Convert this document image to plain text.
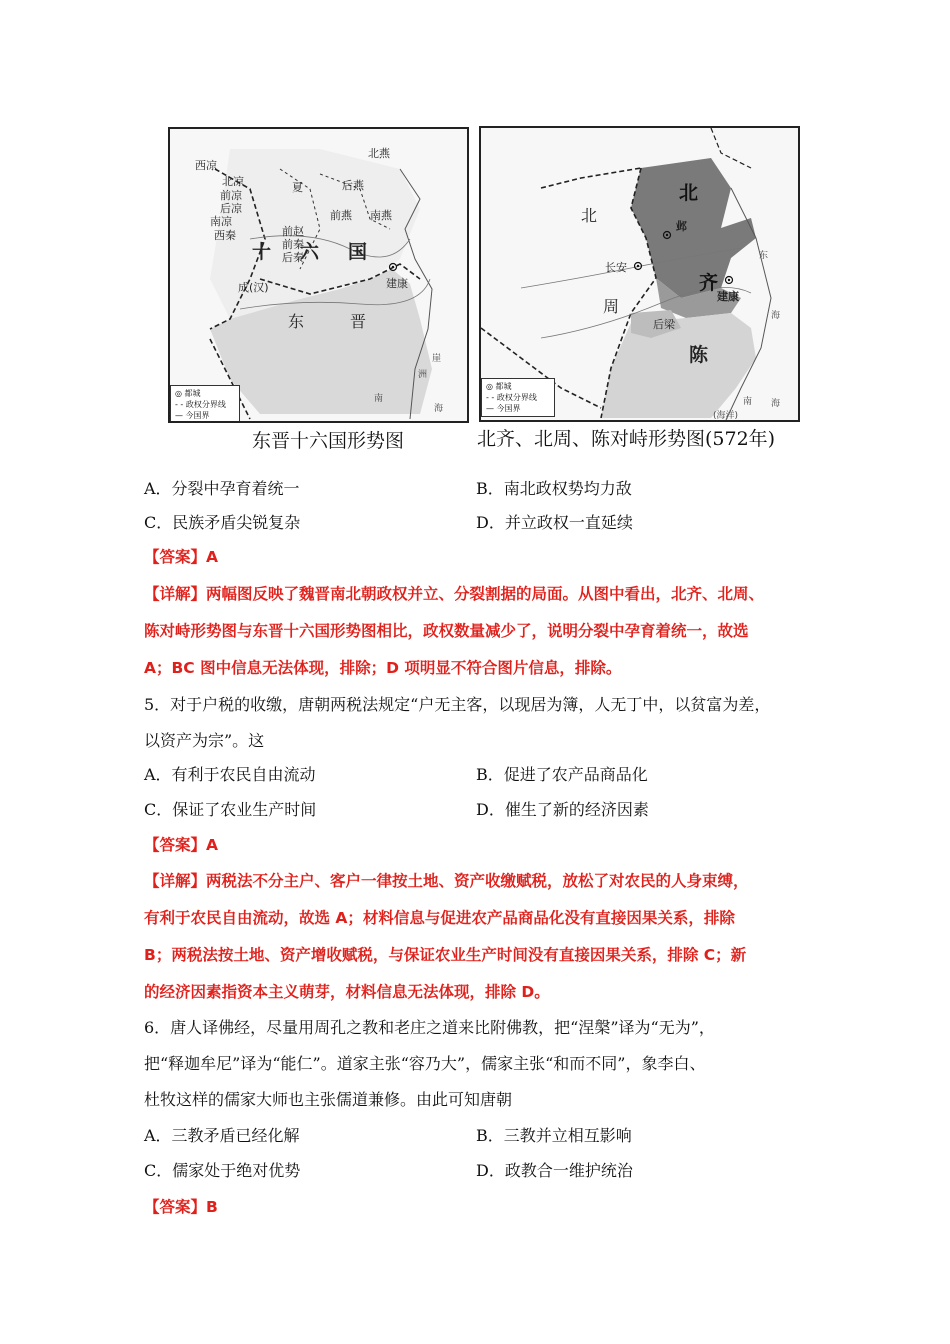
西凉
北凉
前凉
后凉
南凉
西秦
夏
前赵
前秦
后秦
后燕
北燕
前燕 南燕
十 六 国
成(汉)	建康
东	晋
崖
洲
南
海
◎ 都城
- - 政权分界线
— 今国界
东晋十六国形势图
北
齐
北
周
邺
长安
建康
后梁
陈
东
海
南 海
(海洋)
◎ 都城
- - 政权分界线
— 今国界
北齐、北周、陈对峙形势图(572年)
A．分裂中孕育着统一	B．南北政权势均力敌
C．民族矛盾尖锐复杂	D．并立政权一直延续
【答案】A
【详解】两幅图反映了魏晋南北朝政权并立、分裂割据的局面。从图中看出，北齐、北周、
陈对峙形势图与东晋十六国形势图相比，政权数量减少了，说明分裂中孕育着统一，故选
A；BC 图中信息无法体现，排除；D 项明显不符合图片信息，排除。
5．对于户税的收缴，唐朝两税法规定“户无主客，以现居为簿，人无丁中，以贫富为差，
以资产为宗”。这
A．有利于农民自由流动	B．促进了农产品商品化
C．保证了农业生产时间	D．催生了新的经济因素
【答案】A
【详解】两税法不分主户、客户一律按土地、资产收缴赋税，放松了对农民的人身束缚，
有利于农民自由流动，故选 A；材料信息与促进农产品商品化没有直接因果关系，排除
B；两税法按土地、资产增收赋税，与保证农业生产时间没有直接因果关系，排除 C；新
的经济因素指资本主义萌芽，材料信息无法体现，排除 D。
6．唐人译佛经，尽量用周孔之教和老庄之道来比附佛教，把“涅槃”译为“无为”，
把“释迦牟尼”译为“能仁”。道家主张“容乃大”，儒家主张“和而不同”，象李白、
杜牧这样的儒家大师也主张儒道兼修。由此可知唐朝
A．三教矛盾已经化解	B．三教并立相互影响
C．儒家处于绝对优势	D．政教合一维护统治
【答案】B
